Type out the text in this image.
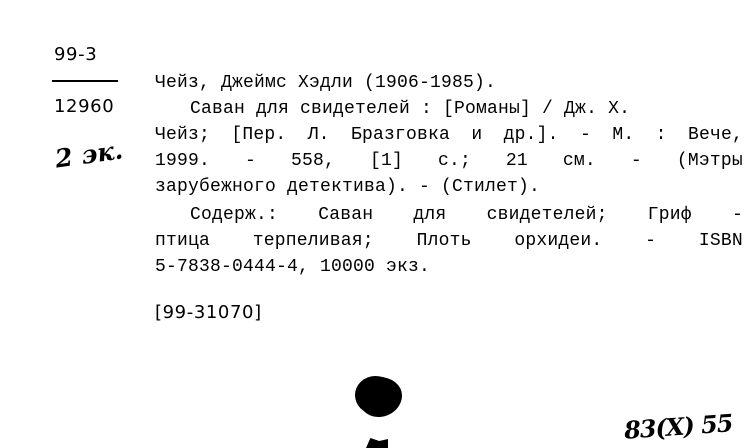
99-3
12960
2 эк.
Чейз, Джеймс Хэдли (1906-1985).
Саван для свидетелей : [Романы] / Дж. Х.
Чейз; [Пер. Л. Бразговка и др.]. - М. : Вече,
1999. - 558, [1] с.; 21 см. - (Мэтры
зарубежного детектива). - (Стилет).
Содерж.: Саван для свидетелей; Гриф -
птица терпеливая; Плоть орхидеи. - ISBN
5-7838-0444-4, 10000 экз.
[99-31070]
83(X) 55
